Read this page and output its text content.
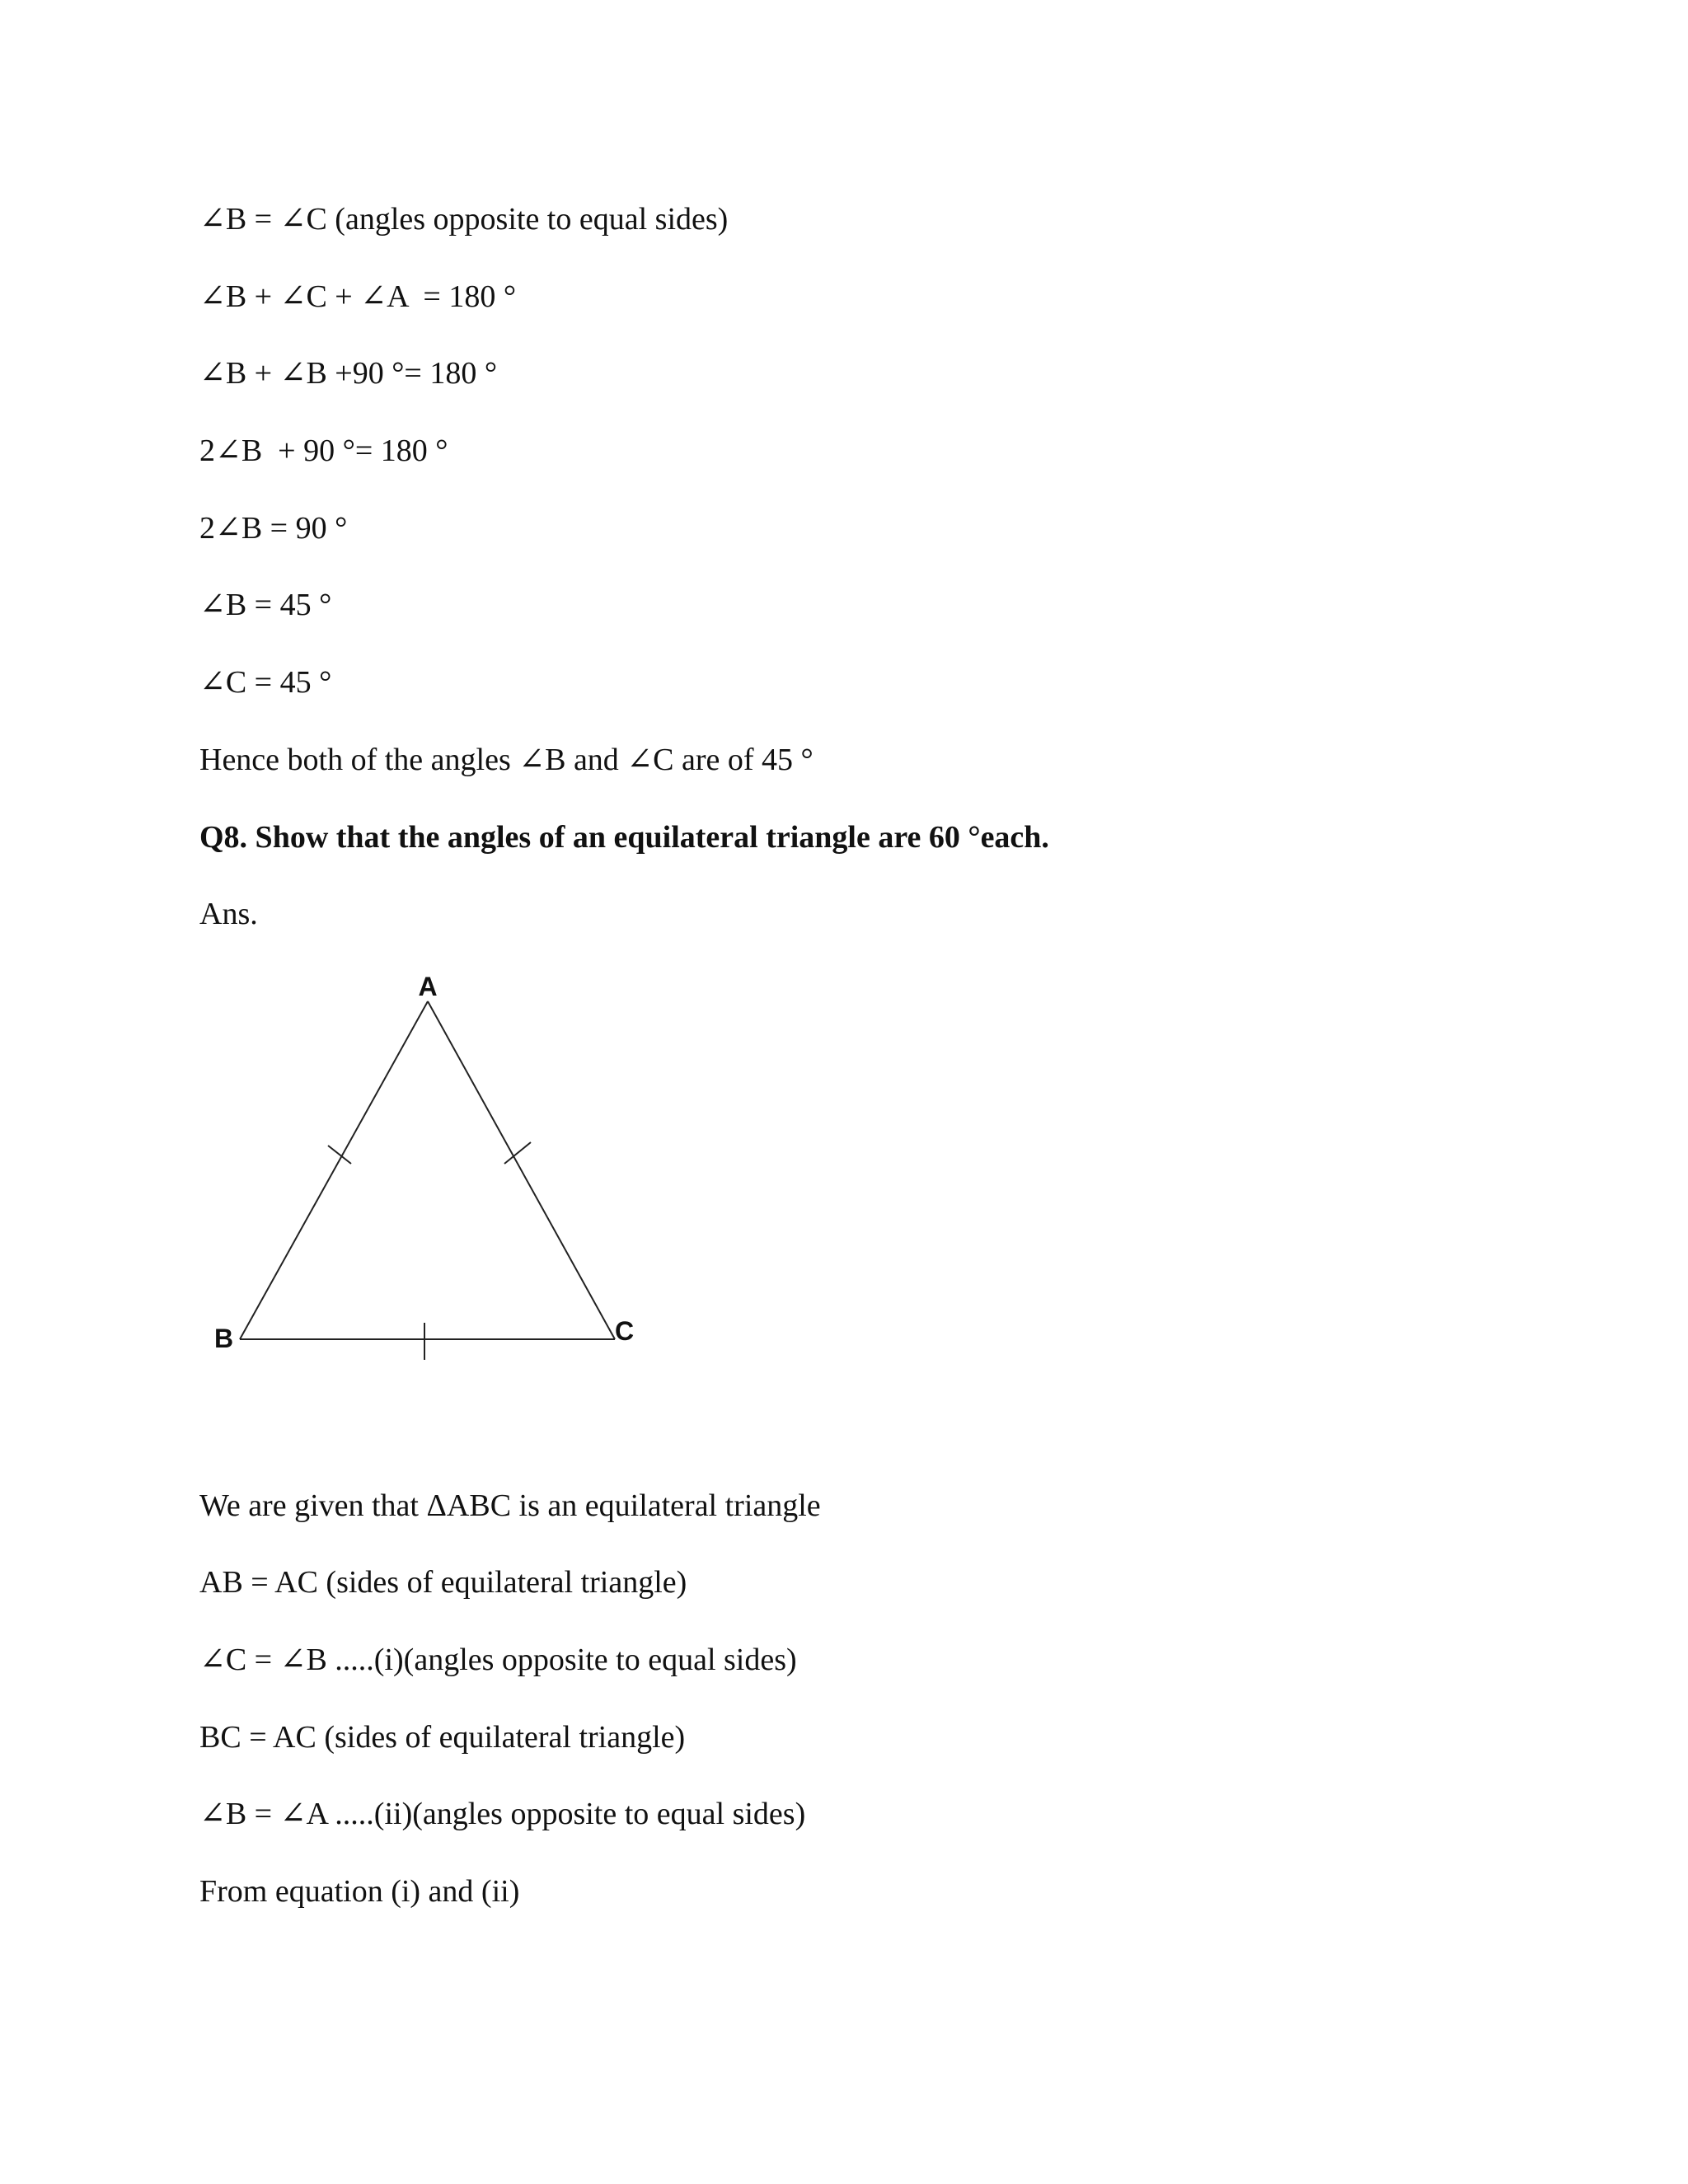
∠B = ∠C (angles opposite to equal sides)
∠B + ∠C + ∠A  = 180 °
∠B + ∠B +90 °= 180 °
2∠B  + 90 °= 180 °
2∠B = 90 °
∠B = 45 °
∠C = 45 °
Hence both of the angles ∠B and ∠C are of 45 °
Q8. Show that the angles of an equilateral triangle are 60 °each.
Ans.
A
B	C
We are given that ΔABC is an equilateral triangle
AB = AC (sides of equilateral triangle)
∠C = ∠B .....(i)(angles opposite to equal sides)
BC = AC (sides of equilateral triangle)
∠B = ∠A .....(ii)(angles opposite to equal sides)
From equation (i) and (ii)
